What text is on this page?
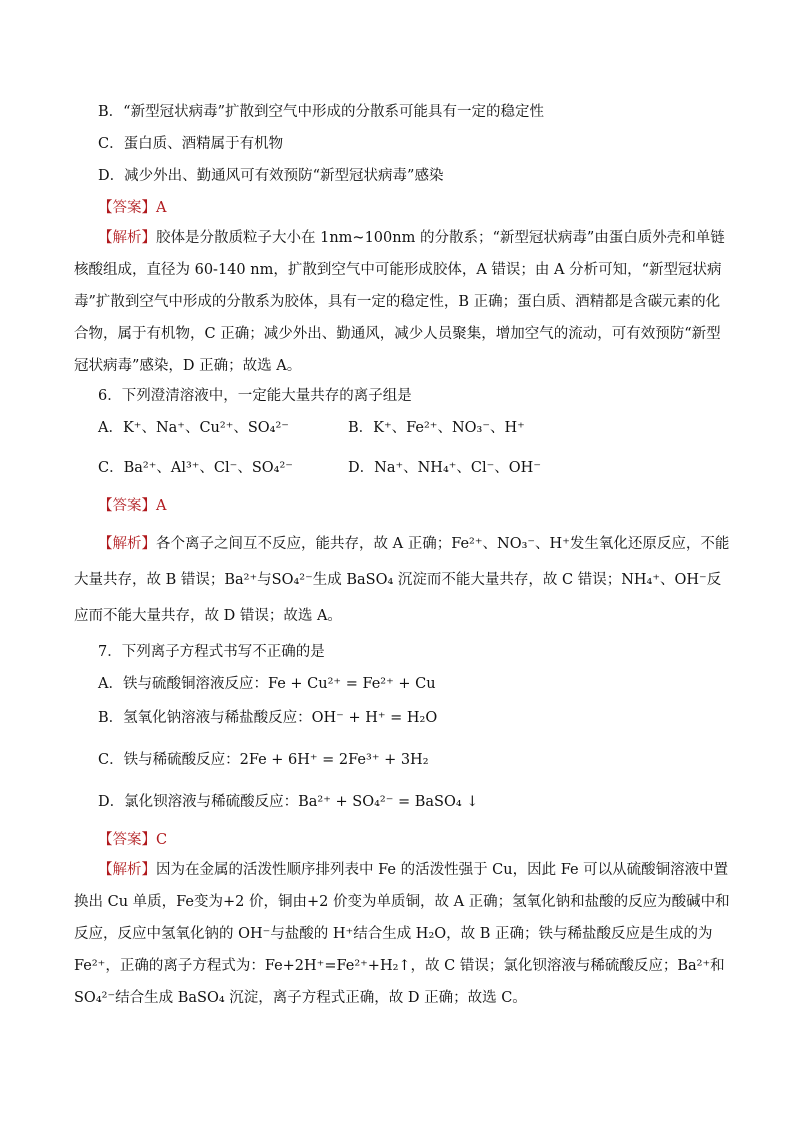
B．“新型冠状病毒”扩散到空气中形成的分散系可能具有一定的稳定性
C．蛋白质、酒精属于有机物
D．减少外出、勤通风可有效预防“新型冠状病毒”感染
【答案】A
【解析】胶体是分散质粒子大小在 1nm~100nm 的分散系；“新型冠状病毒”由蛋白质外壳和单链核酸组成，直径为 60-140 nm，扩散到空气中可能形成胶体，A 错误；由 A 分析可知，“新型冠状病毒”扩散到空气中形成的分散系为胶体，具有一定的稳定性，B 正确；蛋白质、酒精都是含碳元素的化合物，属于有机物，C 正确；减少外出、勤通风，减少人员聚集，增加空气的流动，可有效预防“新型冠状病毒”感染，D 正确；故选 A。
6．下列澄清溶液中，一定能大量共存的离子组是
A．K⁺、Na⁺、Cu²⁺、SO₄²⁻	B．K⁺、Fe²⁺、NO₃⁻、H⁺
C．Ba²⁺、Al³⁺、Cl⁻、SO₄²⁻	D．Na⁺、NH₄⁺、Cl⁻、OH⁻
【答案】A
【解析】各个离子之间互不反应，能共存，故 A 正确；Fe²⁺、NO₃⁻、H⁺发生氧化还原反应，不能大量共存，故 B 错误；Ba²⁺与SO₄²⁻生成 BaSO₄ 沉淀而不能大量共存，故 C 错误；NH₄⁺、OH⁻反应而不能大量共存，故 D 错误；故选 A。
7．下列离子方程式书写不正确的是
A．铁与硫酸铜溶液反应：Fe + Cu²⁺ = Fe²⁺ + Cu
B．氢氧化钠溶液与稀盐酸反应：OH⁻ + H⁺ = H₂O
C．铁与稀硫酸反应：2Fe + 6H⁺ = 2Fe³⁺ + 3H₂
D．氯化钡溶液与稀硫酸反应：Ba²⁺ + SO₄²⁻ = BaSO₄ ↓
【答案】C
【解析】因为在金属的活泼性顺序排列表中 Fe 的活泼性强于 Cu，因此 Fe 可以从硫酸铜溶液中置换出 Cu 单质，Fe变为+2 价，铜由+2 价变为单质铜，故 A 正确；氢氧化钠和盐酸的反应为酸碱中和反应，反应中氢氧化钠的 OH⁻与盐酸的 H⁺结合生成 H₂O，故 B 正确；铁与稀盐酸反应是生成的为 Fe²⁺，正确的离子方程式为：Fe+2H⁺=Fe²⁺+H₂↑，故 C 错误；氯化钡溶液与稀硫酸反应；Ba²⁺和 SO₄²⁻结合生成 BaSO₄ 沉淀，离子方程式正确，故 D 正确；故选 C。
